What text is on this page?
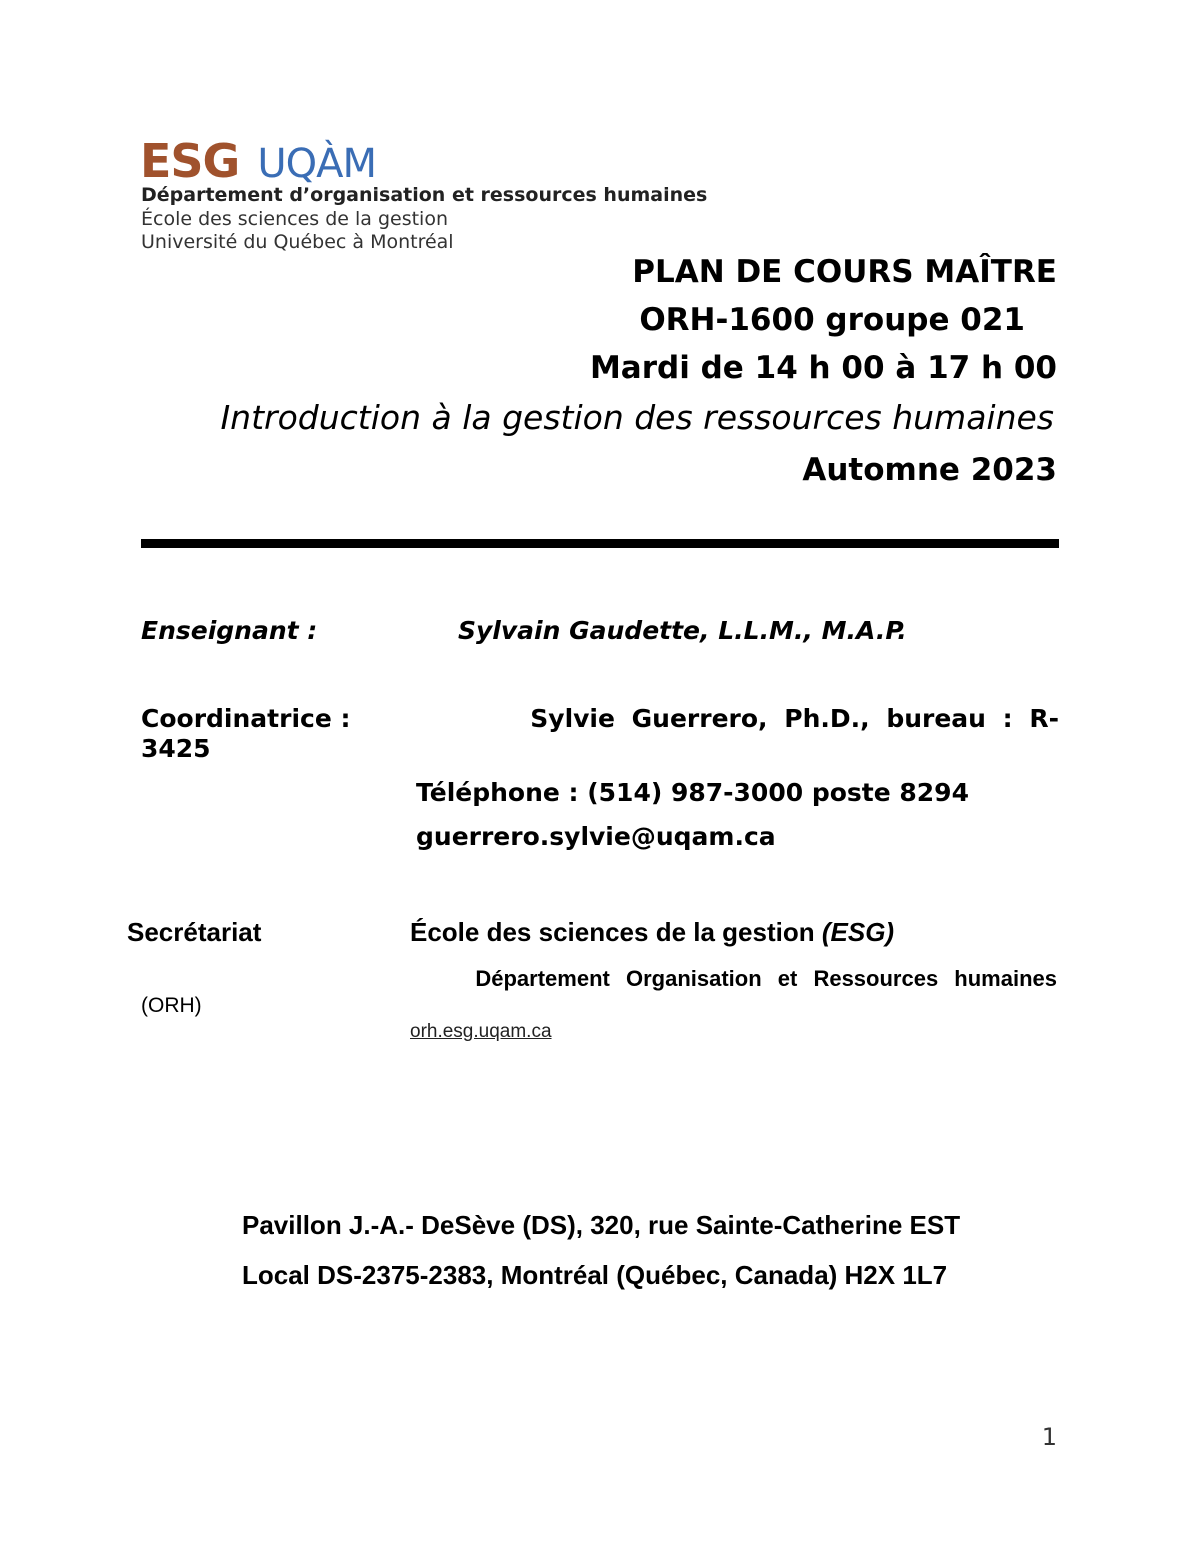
ESG UQÀM
Département d’organisation et ressources humaines
École des sciences de la gestion
Université du Québec à Montréal
PLAN DE COURS MAÎTRE
ORH-1600 groupe 021
Mardi de 14 h 00 à 17 h 00
Introduction à la gestion des ressources humaines
Automne 2023
Enseignant :	Sylvain Gaudette, L.L.M., M.A.P.
Coordinatrice :	Sylvie Guerrero, Ph.D., bureau : R-
3425
Téléphone : (514) 987-3000 poste 8294
guerrero.sylvie@uqam.ca
Secrétariat	École des sciences de la gestion (ESG)
Département Organisation et Ressources humaines
(ORH)
orh.esg.uqam.ca
Pavillon J.-A.- DeSève (DS), 320, rue Sainte-Catherine EST
Local DS-2375-2383, Montréal (Québec, Canada) H2X 1L7
1
